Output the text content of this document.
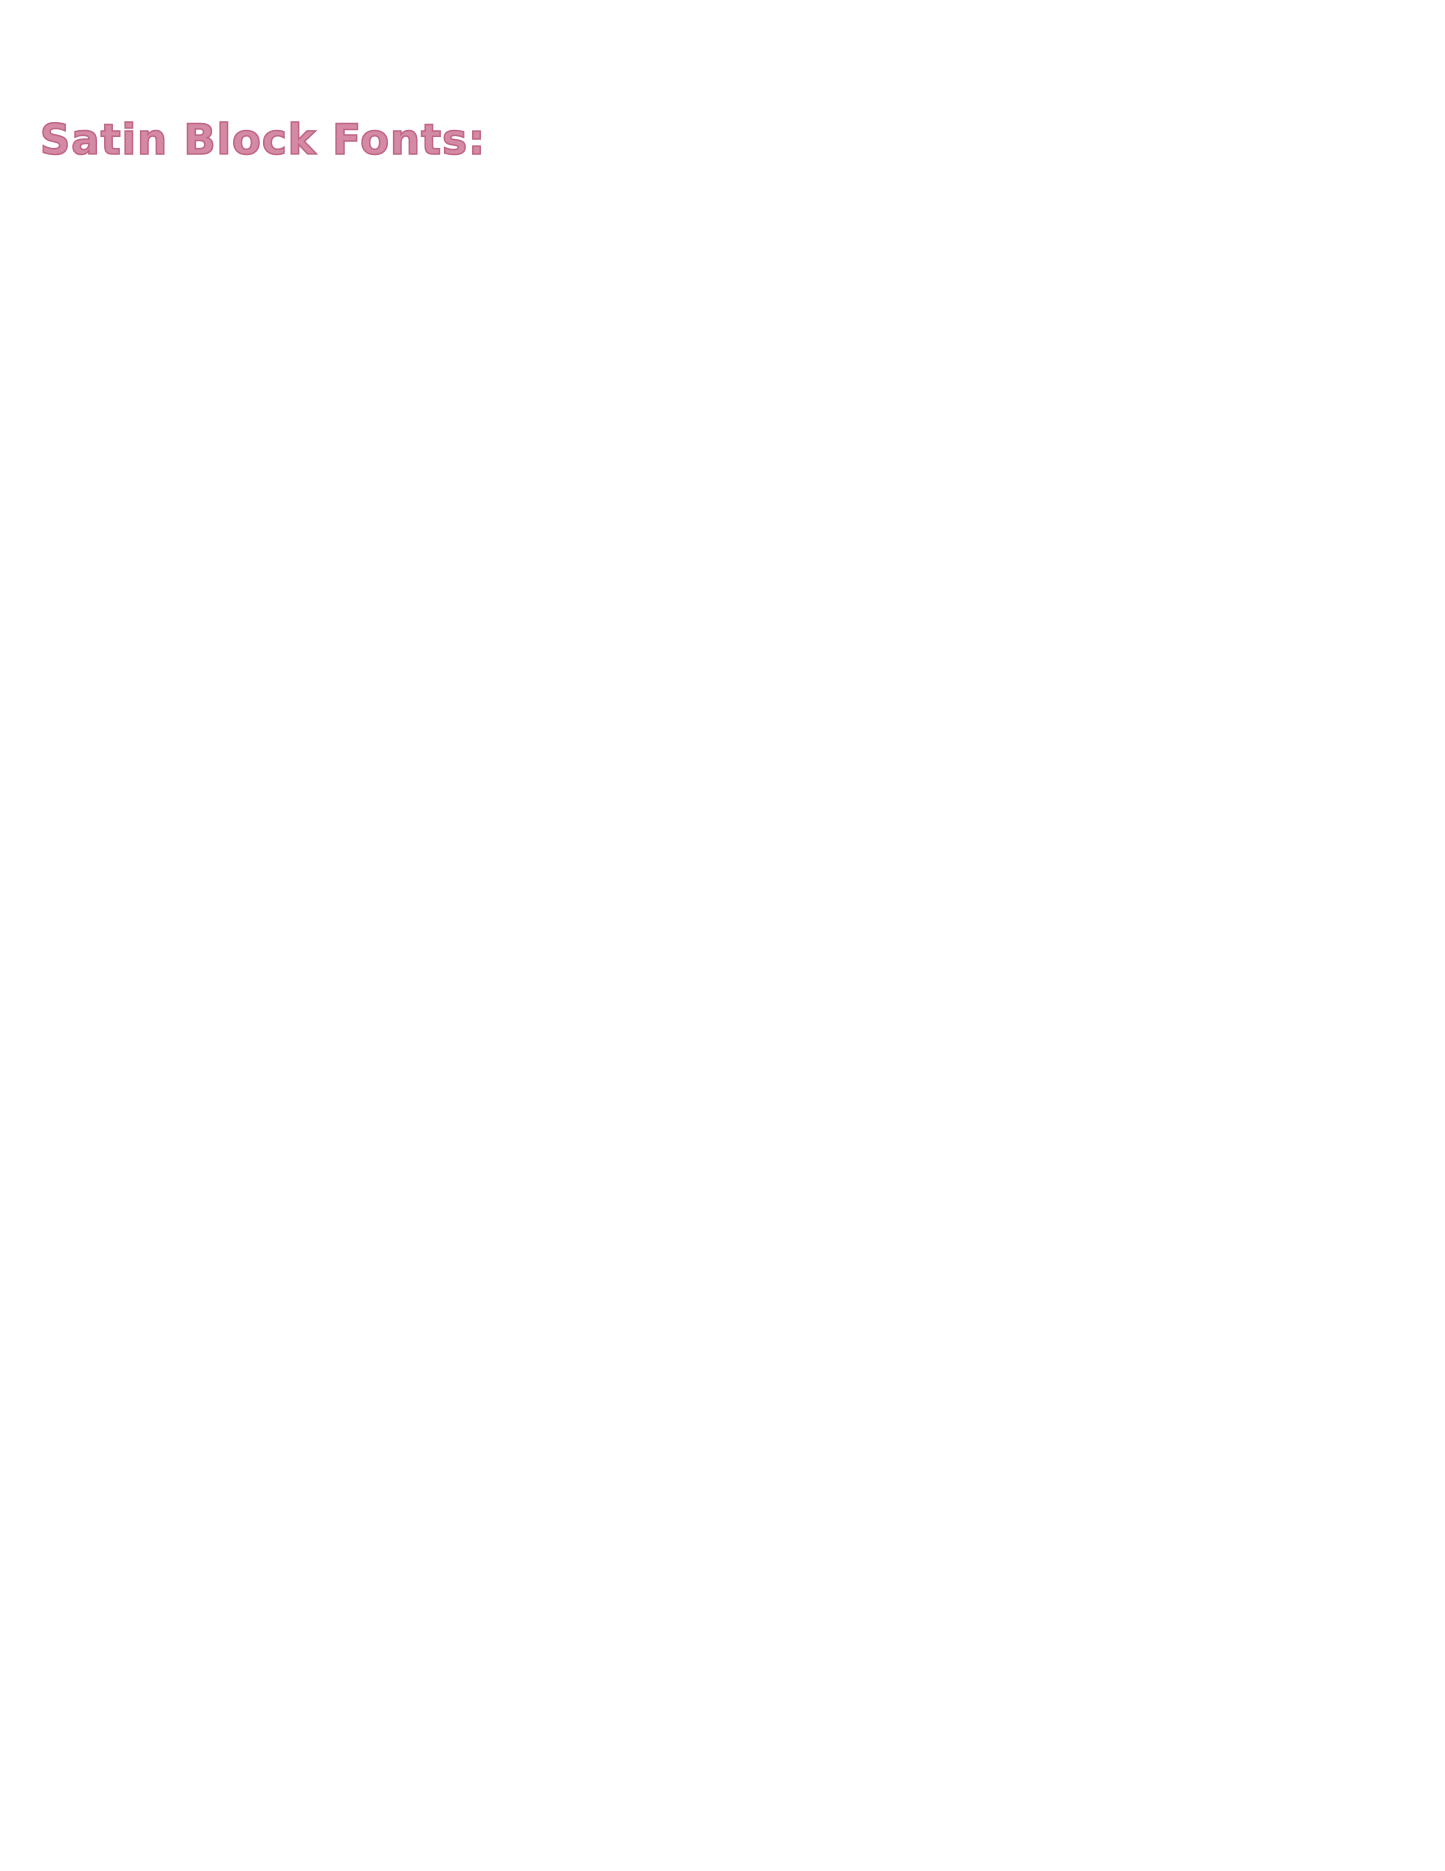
Satin Block Fonts:
